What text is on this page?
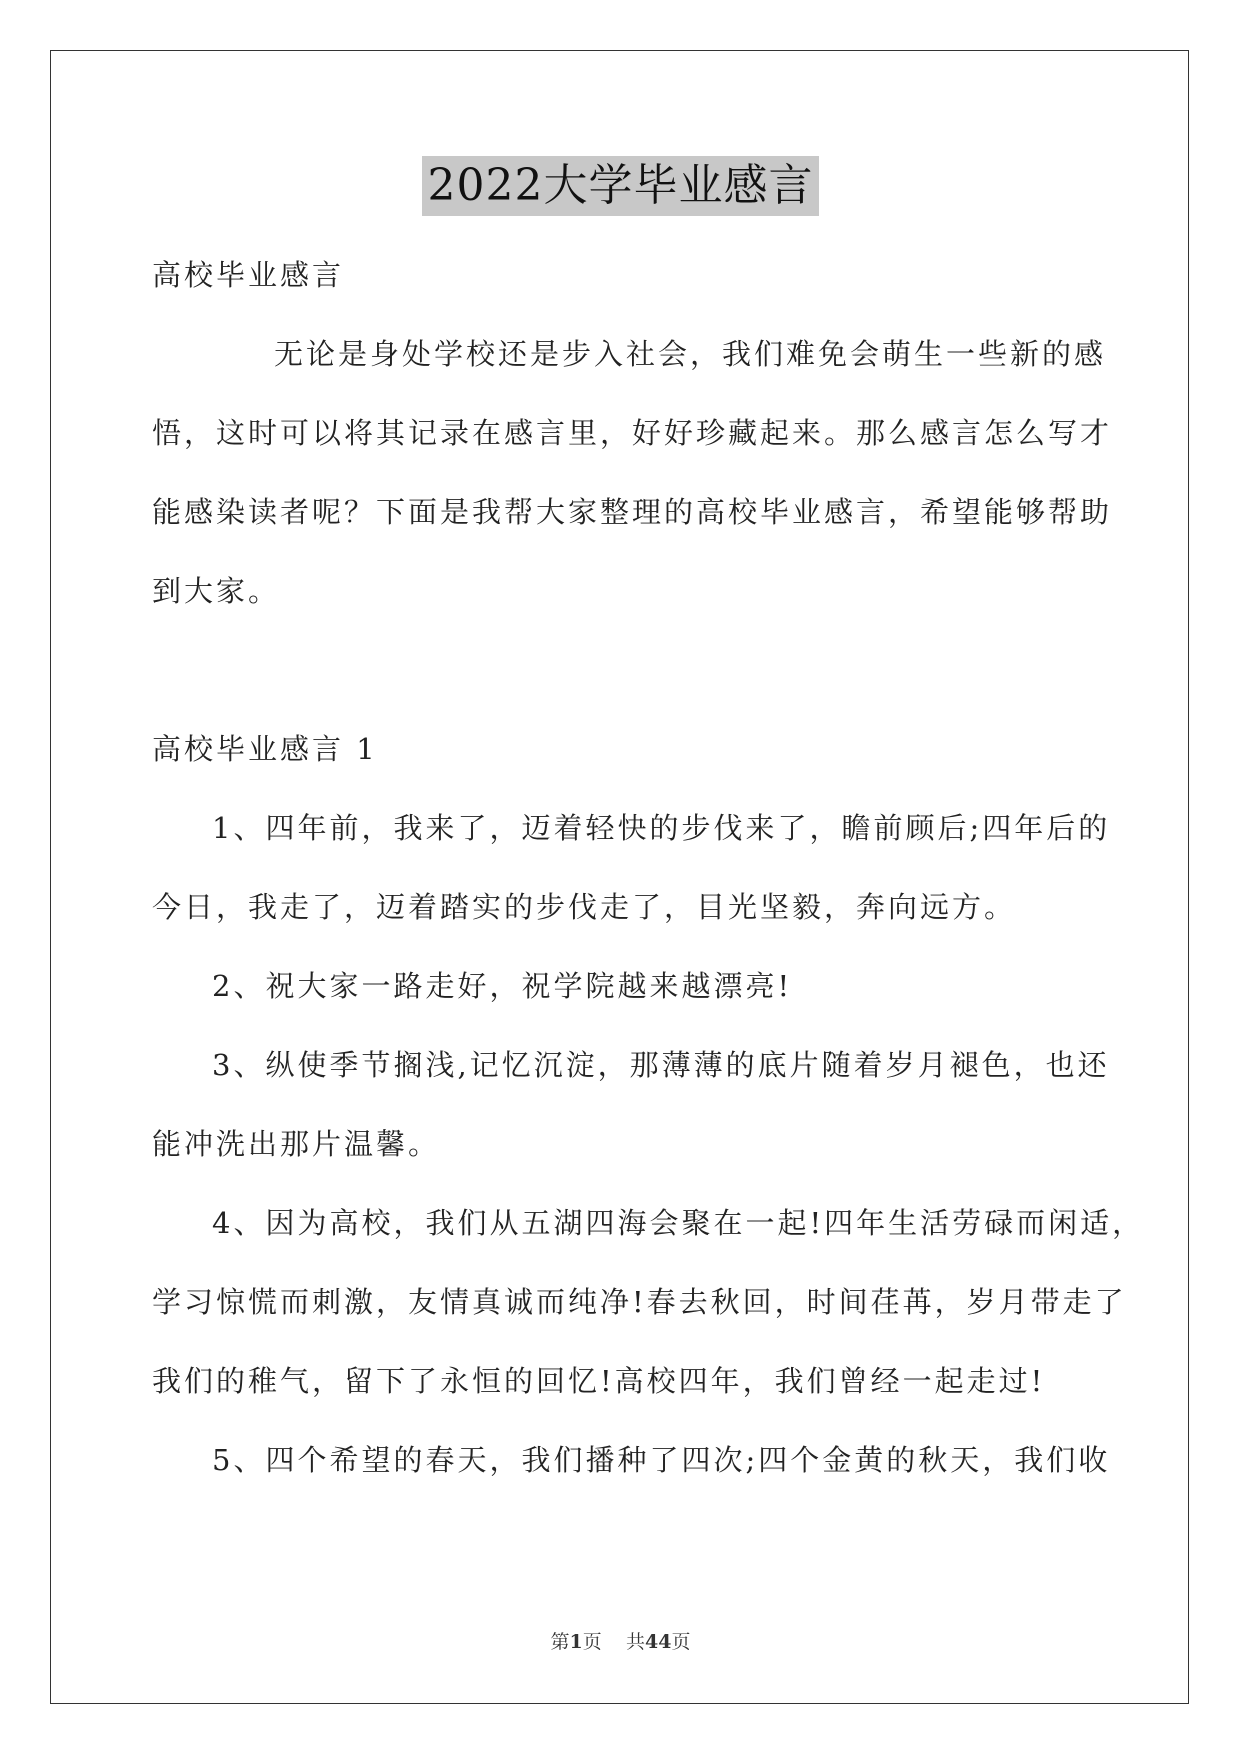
2022大学毕业感言
高校毕业感言
无论是身处学校还是步入社会，我们难免会萌生一些新的感
悟，这时可以将其记录在感言里，好好珍藏起来。那么感言怎么写才
能感染读者呢？下面是我帮大家整理的高校毕业感言，希望能够帮助
到大家。
高校毕业感言 1
1、四年前，我来了，迈着轻快的步伐来了，瞻前顾后;四年后的
今日，我走了，迈着踏实的步伐走了，目光坚毅，奔向远方。
2、祝大家一路走好，祝学院越来越漂亮!
3、纵使季节搁浅,记忆沉淀，那薄薄的底片随着岁月褪色，也还
能冲洗出那片温馨。
4、因为高校，我们从五湖四海会聚在一起!四年生活劳碌而闲适，
学习惊慌而刺激，友情真诚而纯净!春去秋回，时间荏苒，岁月带走了
我们的稚气，留下了永恒的回忆!高校四年，我们曾经一起走过!
5、四个希望的春天，我们播种了四次;四个金黄的秋天，我们收
第1页 共44页
